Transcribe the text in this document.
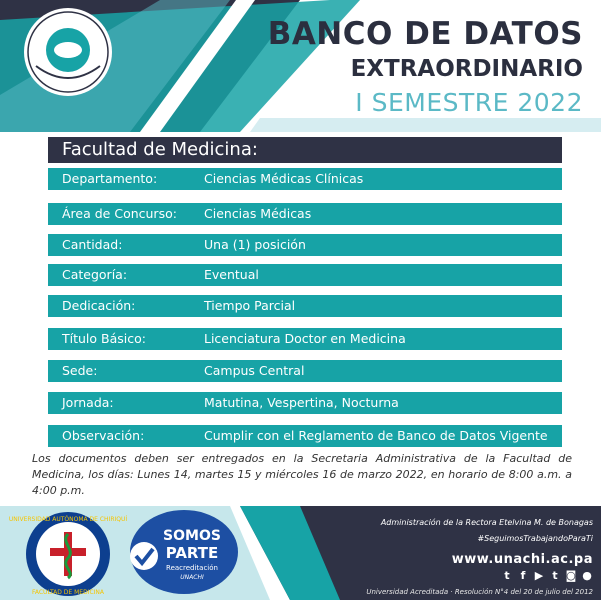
BANCO DE DATOS
EXTRAORDINARIO
I SEMESTRE 2022
Facultad de Medicina:
Departamento:	Ciencias Médicas Clínicas
Área de Concurso: Ciencias Médicas
Cantidad:	Una (1) posición
Categoría:	Eventual
Dedicación:	Tiempo Parcial
Título Básico:	Licenciatura Doctor en Medicina
Sede:	Campus Central
Jornada:	Matutina, Vespertina, Nocturna
Observación:	Cumplir con el Reglamento de Banco de Datos Vigente
Los documentos deben ser entregados en la Secretaria Administrativa de la Facultad de Medicina, los días: Lunes 14, martes 15 y miércoles 16 de marzo 2022, en horario de 8:00 a.m. a 4:00 p.m.
UNIVERSIDAD AUTÓNOMA DE CHIRIQUÍ
FACULTAD DE MEDICINA
SOMOS
PARTE
Reacreditación
UNACHI
Administración de la Rectora Etelvina M. de Bonagas
#SeguimosTrabajandoParaTi
www.unachi.ac.pa
t f ▶ t ◙ ●
Universidad Acreditada · Resolución N°4 del 20 de julio del 2012
